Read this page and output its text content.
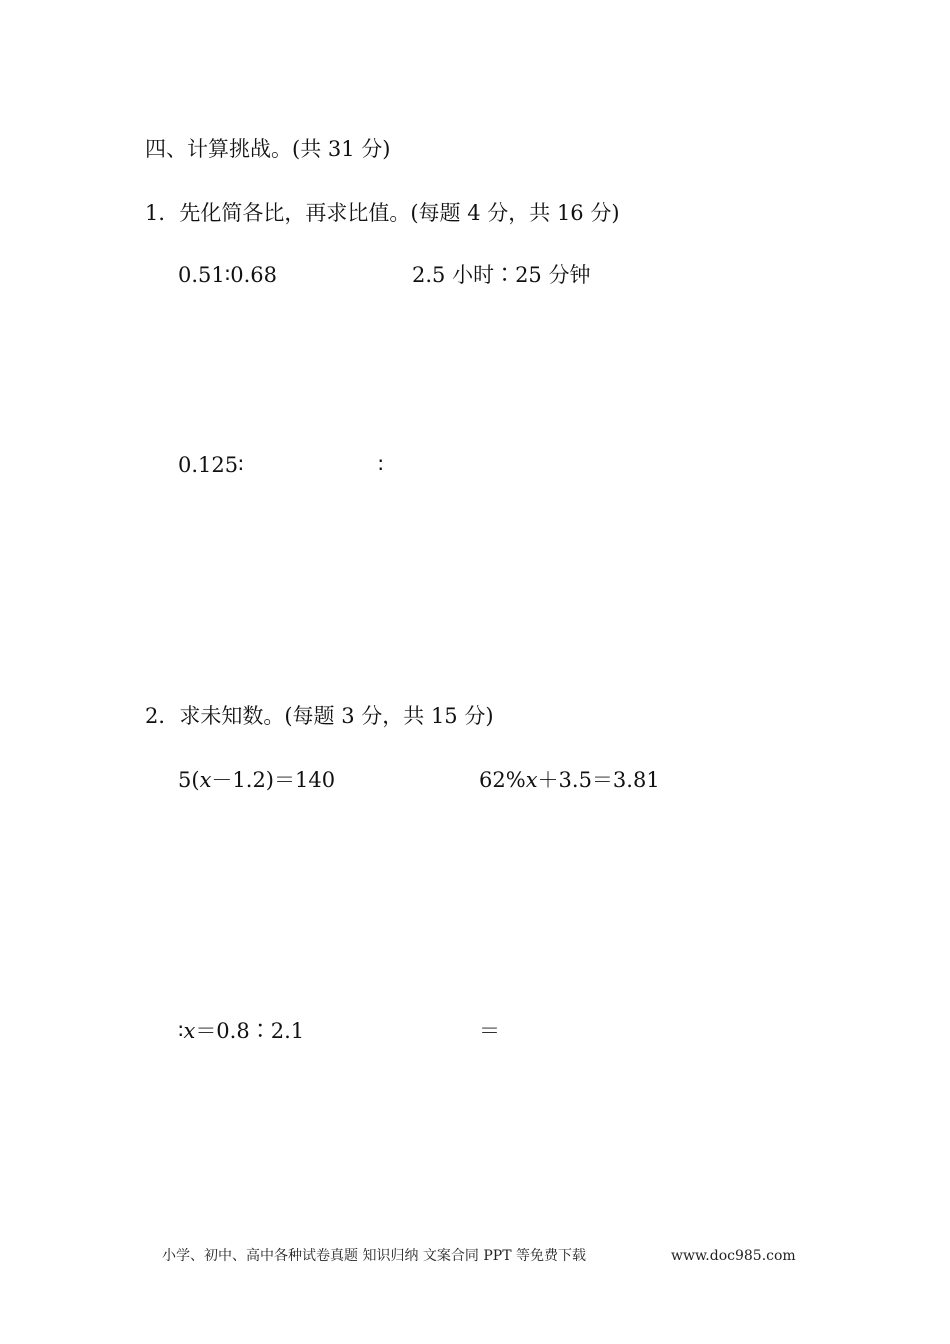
四、计算挑战。(共 31 分)
1．先化简各比，再求比值。(每题 4 分，共 16 分)
0.51∶0.68	2.5 小时∶25 分钟
0.125∶	∶
2．求未知数。(每题 3 分，共 15 分)
5(x－1.2)＝140	62%x＋3.5＝3.81
∶x＝0.8∶2.1	＝
小学、初中、高中各种试卷真题 知识归纳 文案合同 PPT 等免费下载	www.doc985.com
